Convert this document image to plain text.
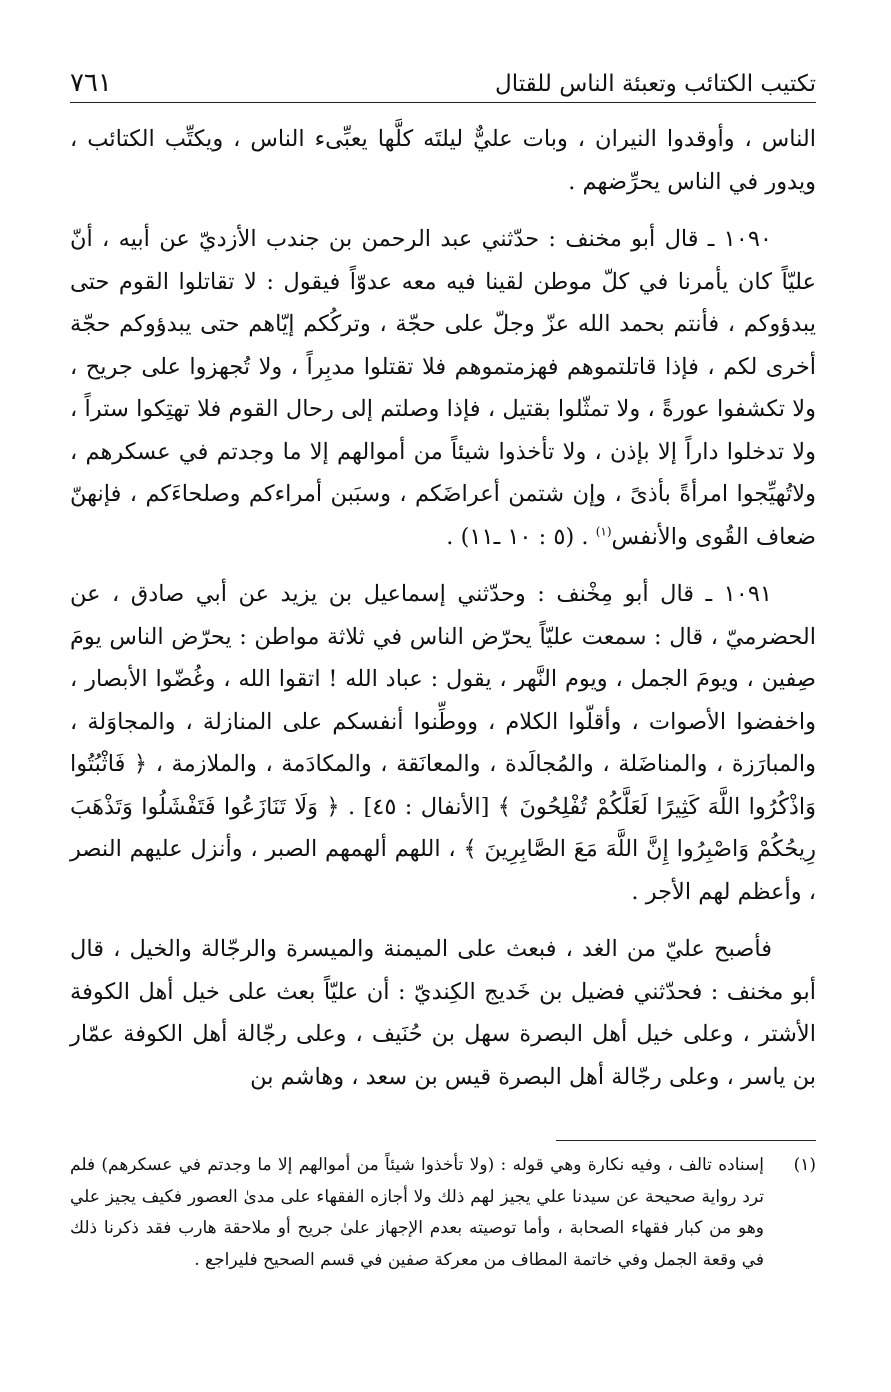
تكتيب الكتائب وتعبئة الناس للقتال
٧٦١

الناس ، وأوقدوا النيران ، وبات عليٌّ ليلتَه كلَّها يعبِّىء الناس ، ويكتِّب الكتائب ، ويدور في الناس يحرِّضهم .

١٠٩٠ ـ قال أبو مخنف : حدّثني عبد الرحمن بن جندب الأزديّ عن أبيه ، أنّ عليّاً كان يأمرنا في كلّ موطن لقينا فيه معه عدوّاً فيقول : لا تقاتلوا القوم حتى يبدؤوكم ، فأنتم بحمد الله عزّ وجلّ على حجّة ، وتركُكم إيّاهم حتى يبدؤوكم حجّة أخرى لكم ، فإذا قاتلتموهم فهزمتموهم فلا تقتلوا مدبِراً ، ولا تُجهزوا على جريح ، ولا تكشفوا عورةً ، ولا تمثّلوا بقتيل ، فإذا وصلتم إلى رحال القوم فلا تهتِكوا ستراً ، ولا تدخلوا داراً إلا بإذن ، ولا تأخذوا شيئاً من أموالهم إلا ما وجدتم في عسكرهم ، ولاتُهيِّجوا امرأةً بأذىً ، وإن شتمن أعراضَكم ، وسبَبن أمراءكم وصلحاءَكم ، فإنهنّ ضعاف القُوى والأنفس$^{(١)}$ . (٥ : ١٠ ـ١١) .

١٠٩١ ـ قال أبو مِخْنف : وحدّثني إسماعيل بن يزيد عن أبي صادق ، عن الحضرميّ ، قال : سمعت عليّاً يحرّض الناس في ثلاثة مواطن : يحرّض الناس يومَ صِفين ، ويومَ الجمل ، ويوم النَّهر ، يقول : عباد الله ! اتقوا الله ، وغُضّوا الأبصار ، واخفضوا الأصوات ، وأقلّوا الكلام ، ووطِّنوا أنفسكم على المنازلة ، والمجاوَلة ، والمبارَزة ، والمناضَلة ، والمُجالَدة ، والمعانَقة ، والمكادَمة ، والملازمة ، ﴿ فَاثْبُتُوا وَاذْكُرُوا اللَّهَ كَثِيرًا لَعَلَّكُمْ تُفْلِحُونَ ﴾ [الأنفال : ٤٥] . ﴿ وَلَا تَنَازَعُوا فَتَفْشَلُوا وَتَذْهَبَ رِيحُكُمْ وَاصْبِرُوا إِنَّ اللَّهَ مَعَ الصَّابِرِينَ ﴾ ، اللهم ألهمهم الصبر ، وأنزل عليهم النصر ، وأعظم لهم الأجر .

فأصبح عليّ من الغد ، فبعث على الميمنة والميسرة والرجّالة والخيل ، قال أبو مخنف : فحدّثني فضيل بن خَديج الكِنديّ : أن عليّاً بعث على خيل أهل الكوفة الأشتر ، وعلى خيل أهل البصرة سهل بن حُنَيف ، وعلى رجّالة أهل الكوفة عمّار بن ياسر ، وعلى رجّالة أهل البصرة قيس بن سعد ، وهاشم بن

(١)
إسناده تالف ، وفيه نكارة وهي قوله : (ولا تأخذوا شيئاً من أموالهم إلا ما وجدتم في عسكرهم) فلم ترد رواية صحيحة عن سيدنا علي يجيز لهم ذلك ولا أجازه الفقهاء على مدىٰ العصور فكيف يجيز علي وهو من كبار فقهاء الصحابة ، وأما توصيته بعدم الإجهاز علىٰ جريح أو ملاحقة هارب فقد ذكرنا ذلك في وقعة الجمل وفي خاتمة المطاف من معركة صفين في قسم الصحيح فليراجع .
